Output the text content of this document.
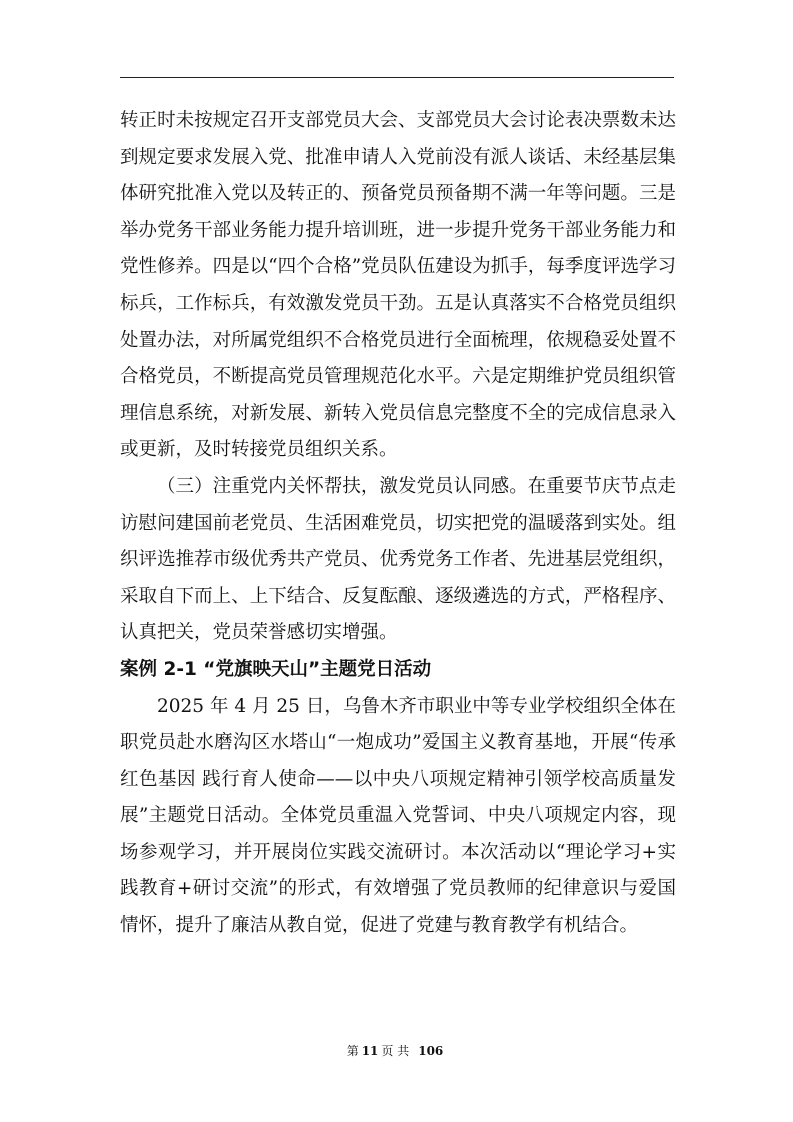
转正时未按规定召开支部党员大会、支部党员大会讨论表决票数未达到规定要求发展入党、批准申请人入党前没有派人谈话、未经基层集体研究批准入党以及转正的、预备党员预备期不满一年等问题。三是举办党务干部业务能力提升培训班，进一步提升党务干部业务能力和党性修养。四是以“四个合格”党员队伍建设为抓手，每季度评选学习标兵，工作标兵，有效激发党员干劲。五是认真落实不合格党员组织处置办法，对所属党组织不合格党员进行全面梳理，依规稳妥处置不合格党员，不断提高党员管理规范化水平。六是定期维护党员组织管理信息系统，对新发展、新转入党员信息完整度不全的完成信息录入或更新，及时转接党员组织关系。

（三）注重党内关怀帮扶，激发党员认同感。在重要节庆节点走访慰问建国前老党员、生活困难党员，切实把党的温暖落到实处。组织评选推荐市级优秀共产党员、优秀党务工作者、先进基层党组织，采取自下而上、上下结合、反复酝酿、逐级遴选的方式，严格程序、认真把关，党员荣誉感切实增强。

案例 2-1 “党旗映天山”主题党日活动

2025 年 4 月 25 日，乌鲁木齐市职业中等专业学校组织全体在职党员赴水磨沟区水塔山“一炮成功”爱国主义教育基地，开展“传承红色基因 践行育人使命——以中央八项规定精神引领学校高质量发展”主题党日活动。全体党员重温入党誓词、中央八项规定内容，现场参观学习，并开展岗位实践交流研讨。本次活动以“理论学习+实践教育+研讨交流”的形式，有效增强了党员教师的纪律意识与爱国情怀，提升了廉洁从教自觉，促进了党建与教育教学有机结合。

第 11 页 共 106
